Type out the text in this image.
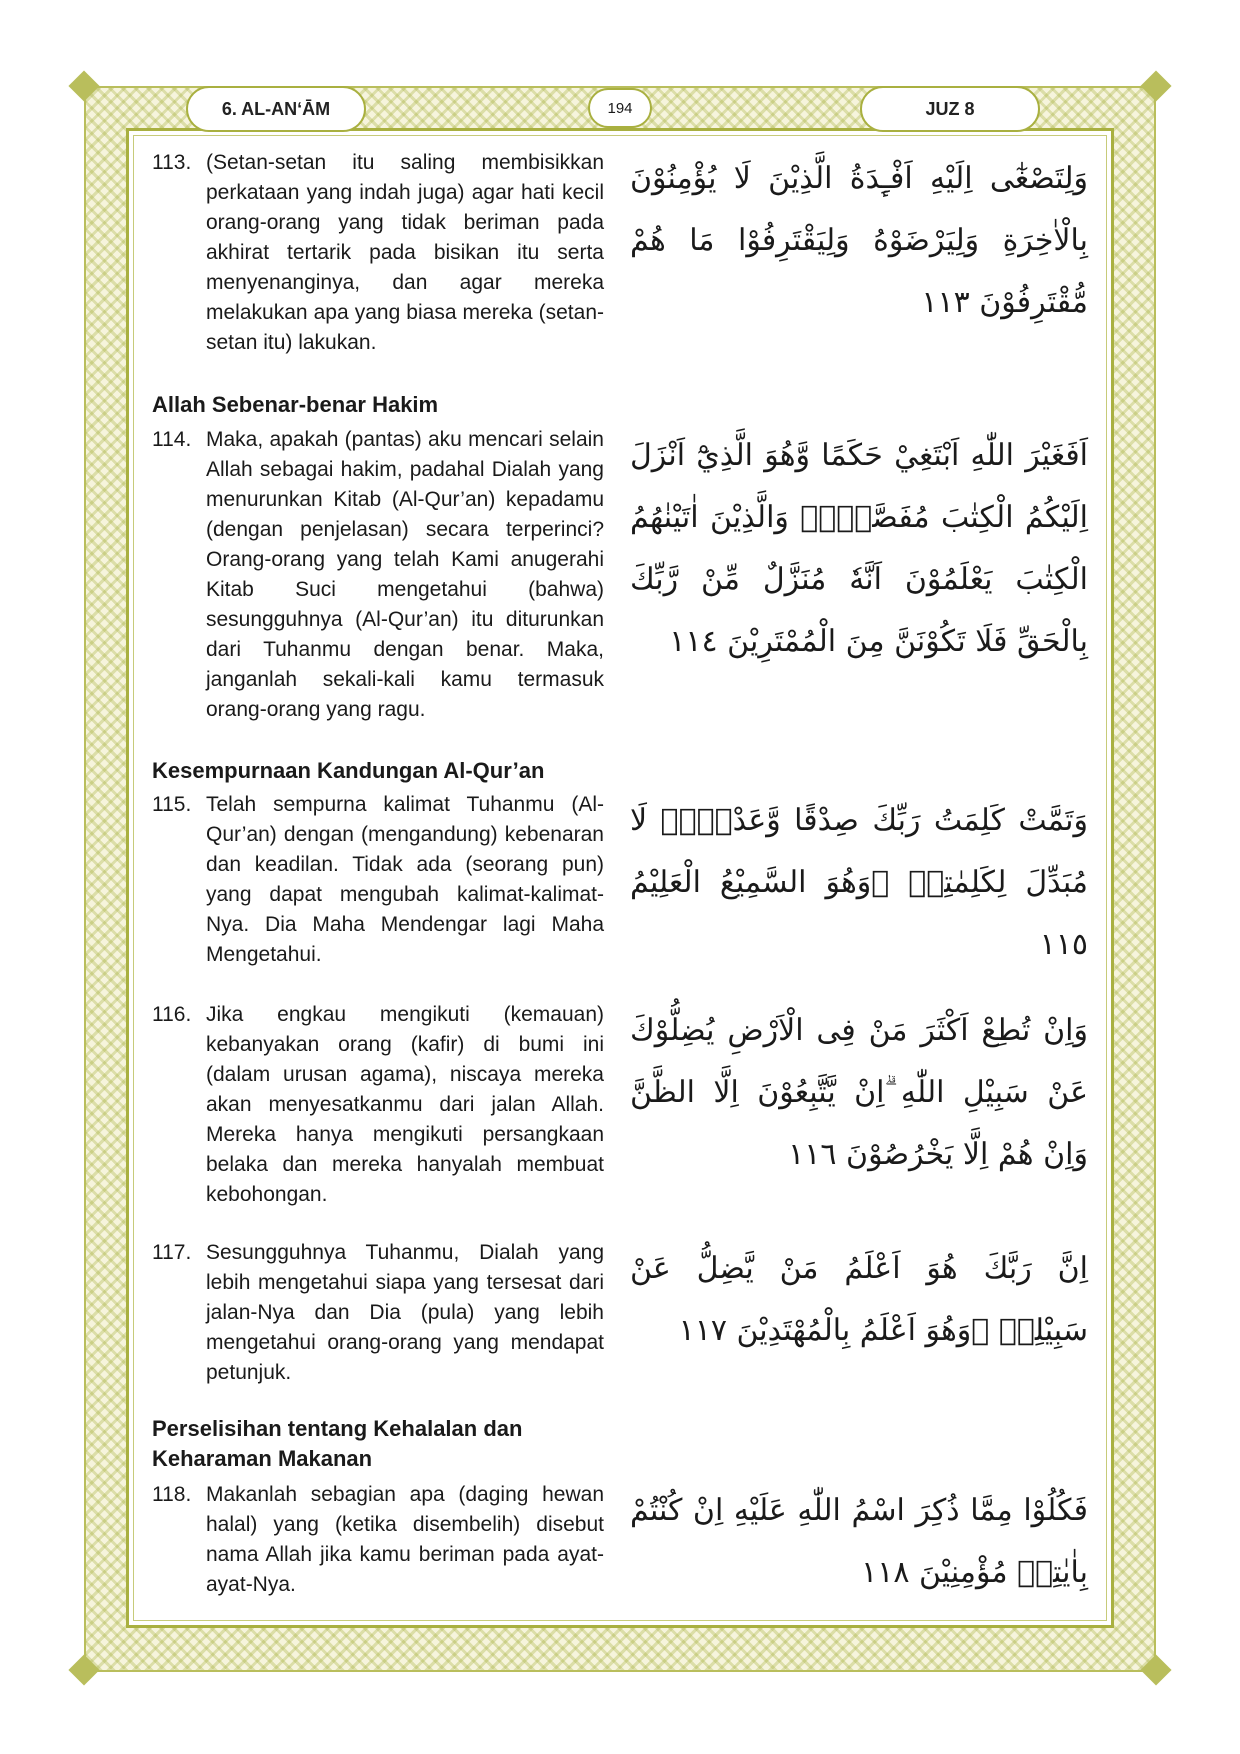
6. AL-ANʻĀM	194	JUZ 8
113. (Setan-setan itu saling membisikkan perkataan yang indah juga) agar hati kecil orang-orang yang tidak beriman pada akhirat tertarik pada bisikan itu serta menyenanginya, dan agar mereka melakukan apa yang biasa mereka (setan-setan itu) lakukan.
وَلِتَصْغٰٓى اِلَيْهِ اَفْـِٕدَةُ الَّذِيْنَ لَا يُؤْمِنُوْنَ بِالْاٰخِرَةِ وَلِيَرْضَوْهُ وَلِيَقْتَرِفُوْا مَا هُمْ مُّقْتَرِفُوْنَ ١١٣
Allah Sebenar-benar Hakim
114. Maka, apakah (pantas) aku mencari selain Allah sebagai hakim, padahal Dialah yang menurunkan Kitab (Al-Qur’an) kepadamu (dengan penjelasan) secara terperinci? Orang-orang yang telah Kami anugerahi Kitab Suci mengetahui (bahwa) sesungguhnya (Al-Qur’an) itu diturunkan dari Tuhanmu dengan benar. Maka, janganlah sekali-kali kamu termasuk orang-orang yang ragu.
اَفَغَيْرَ اللّٰهِ اَبْتَغِيْ حَكَمًا وَّهُوَ الَّذِيْٓ اَنْزَلَ اِلَيْكُمُ الْكِتٰبَ مُفَصَّلًاۗ وَالَّذِيْنَ اٰتَيْنٰهُمُ الْكِتٰبَ يَعْلَمُوْنَ اَنَّهٗ مُنَزَّلٌ مِّنْ رَّبِّكَ بِالْحَقِّ فَلَا تَكُوْنَنَّ مِنَ الْمُمْتَرِيْنَ ١١٤
Kesempurnaan Kandungan Al-Qur’an
115. Telah sempurna kalimat Tuhanmu (Al-Qur’an) dengan (mengandung) kebenaran dan keadilan. Tidak ada (seorang pun) yang dapat mengubah kalimat-kalimat-Nya. Dia Maha Mendengar lagi Maha Mengetahui.
وَتَمَّتْ كَلِمَتُ رَبِّكَ صِدْقًا وَّعَدْلًاۗ لَا مُبَدِّلَ لِكَلِمٰتِهٖ ۚوَهُوَ السَّمِيْعُ الْعَلِيْمُ ١١٥
116. Jika engkau mengikuti (kemauan) kebanyakan orang (kafir) di bumi ini (dalam urusan agama), niscaya mereka akan menyesatkanmu dari jalan Allah. Mereka hanya mengikuti persangkaan belaka dan mereka hanyalah membuat kebohongan.
وَاِنْ تُطِعْ اَكْثَرَ مَنْ فِى الْاَرْضِ يُضِلُّوْكَ عَنْ سَبِيْلِ اللّٰهِ ۗاِنْ يَّتَّبِعُوْنَ اِلَّا الظَّنَّ وَاِنْ هُمْ اِلَّا يَخْرُصُوْنَ ١١٦
117. Sesungguhnya Tuhanmu, Dialah yang lebih mengetahui siapa yang tersesat dari jalan-Nya dan Dia (pula) yang lebih mengetahui orang-orang yang mendapat petunjuk.
اِنَّ رَبَّكَ هُوَ اَعْلَمُ مَنْ يَّضِلُّ عَنْ سَبِيْلِهٖ ۚوَهُوَ اَعْلَمُ بِالْمُهْتَدِيْنَ ١١٧
Perselisihan tentang Kehalalan dan Keharaman Makanan
118. Makanlah sebagian apa (daging hewan halal) yang (ketika disembelih) disebut nama Allah jika kamu beriman pada ayat-ayat-Nya.
فَكُلُوْا مِمَّا ذُكِرَ اسْمُ اللّٰهِ عَلَيْهِ اِنْ كُنْتُمْ بِاٰيٰتِهٖ مُؤْمِنِيْنَ ١١٨
